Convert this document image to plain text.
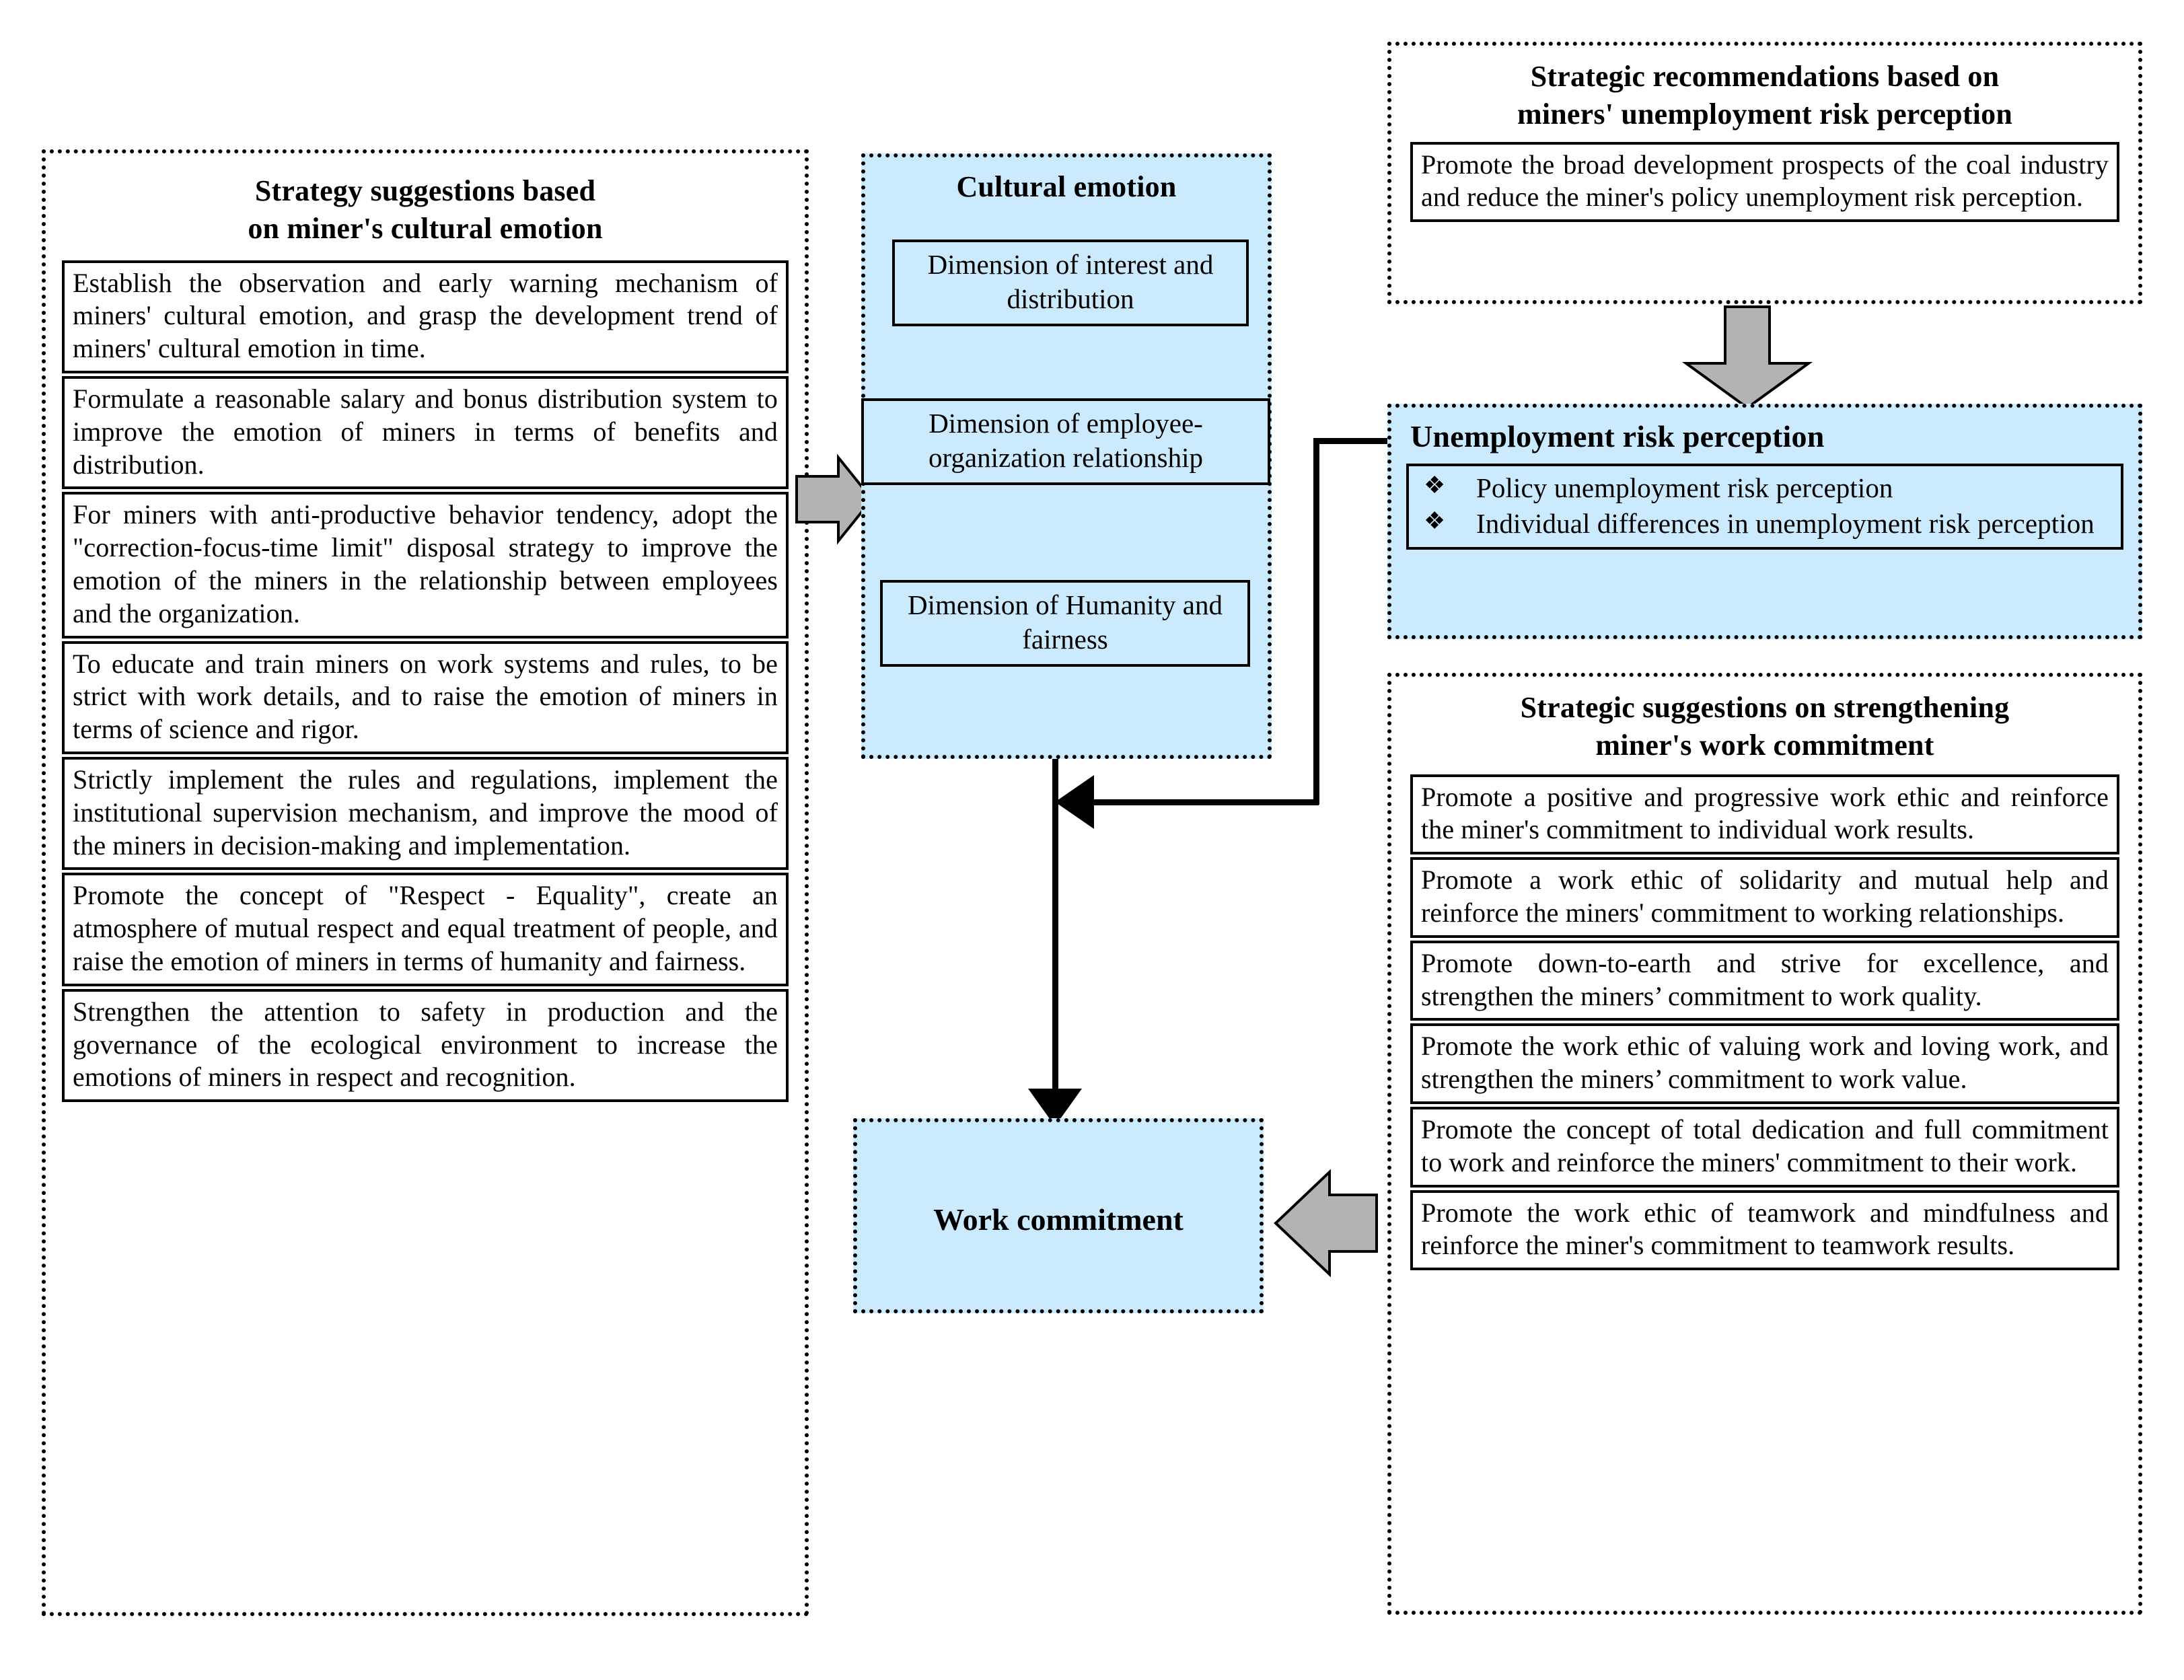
Strategy suggestions based
on miner's cultural emotion

Establish the observation and early warning mechanism of miners' cultural emotion, and grasp the development trend of miners' cultural emotion in time.

Formulate a reasonable salary and bonus distribution system to improve the emotion of miners in terms of benefits and distribution.

For miners with anti-productive behavior tendency, adopt the "correction-focus-time limit" disposal strategy to improve the emotion of the miners in the relationship between employees and the organization.

To educate and train miners on work systems and rules, to be strict with work details, and to raise the emotion of miners in terms of science and rigor.

Strictly implement the rules and regulations, implement the institutional supervision mechanism, and improve the mood of the miners in decision-making and implementation.

Promote the concept of "Respect - Equality", create an atmosphere of mutual respect and equal treatment of people, and raise the emotion of miners in terms of humanity and fairness.

Strengthen the attention to safety in production and the governance of the ecological environment to increase the emotions of miners in respect and recognition.

Cultural emotion
Dimension of interest and distribution
Dimension of employee-organization relationship
Dimension of Humanity and fairness
Work commitment
Strategic recommendations based on
miners' unemployment risk perception

Promote the broad development prospects of the coal industry and reduce the miner's policy unemployment risk perception.

Unemployment risk perception
❖	Policy unemployment risk perception
❖	Individual differences in unemployment risk perception
Strategic suggestions on strengthening
miner's work commitment

Promote a positive and progressive work ethic and reinforce the miner's commitment to individual work results.

Promote a work ethic of solidarity and mutual help and reinforce the miners' commitment to working relationships.

Promote down-to-earth and strive for excellence, and strengthen the miners’ commitment to work quality.

Promote the work ethic of valuing work and loving work, and strengthen the miners’ commitment to work value.

Promote the concept of total dedication and full commitment to work and reinforce the miners' commitment to their work.

Promote the work ethic of teamwork and mindfulness and reinforce the miner's commitment to teamwork results.
